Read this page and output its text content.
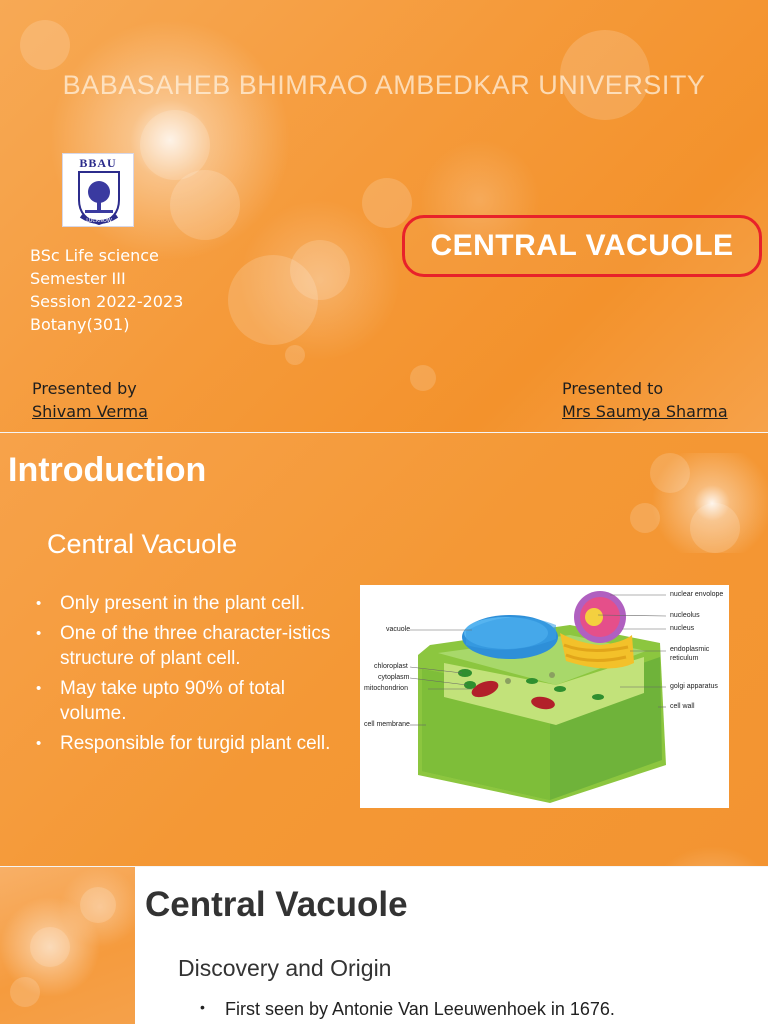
BABASAHEB BHIMRAO AMBEDKAR UNIVERSITY
BBAU
LUCKNOW
BSc Life science
Semester III
Session 2022-2023
Botany(301)
CENTRAL VACUOLE
Presented by
Shivam Verma
Presented to
Mrs Saumya Sharma
Introduction
Central Vacuole
• Only present in the plant cell.
• One of the three character-istics structure of plant cell.
• May take upto 90% of total volume.
• Responsible for turgid plant cell.
vacuole
chloroplast
cytoplasm
mitochondrion
cell membrane
nuclear envolope
nucleolus
nucleus
endoplasmic
reticulum
golgi apparatus
cell wall
Central Vacuole
Discovery and Origin
• First seen by Antonie Van Leeuwenhoek in 1676.
